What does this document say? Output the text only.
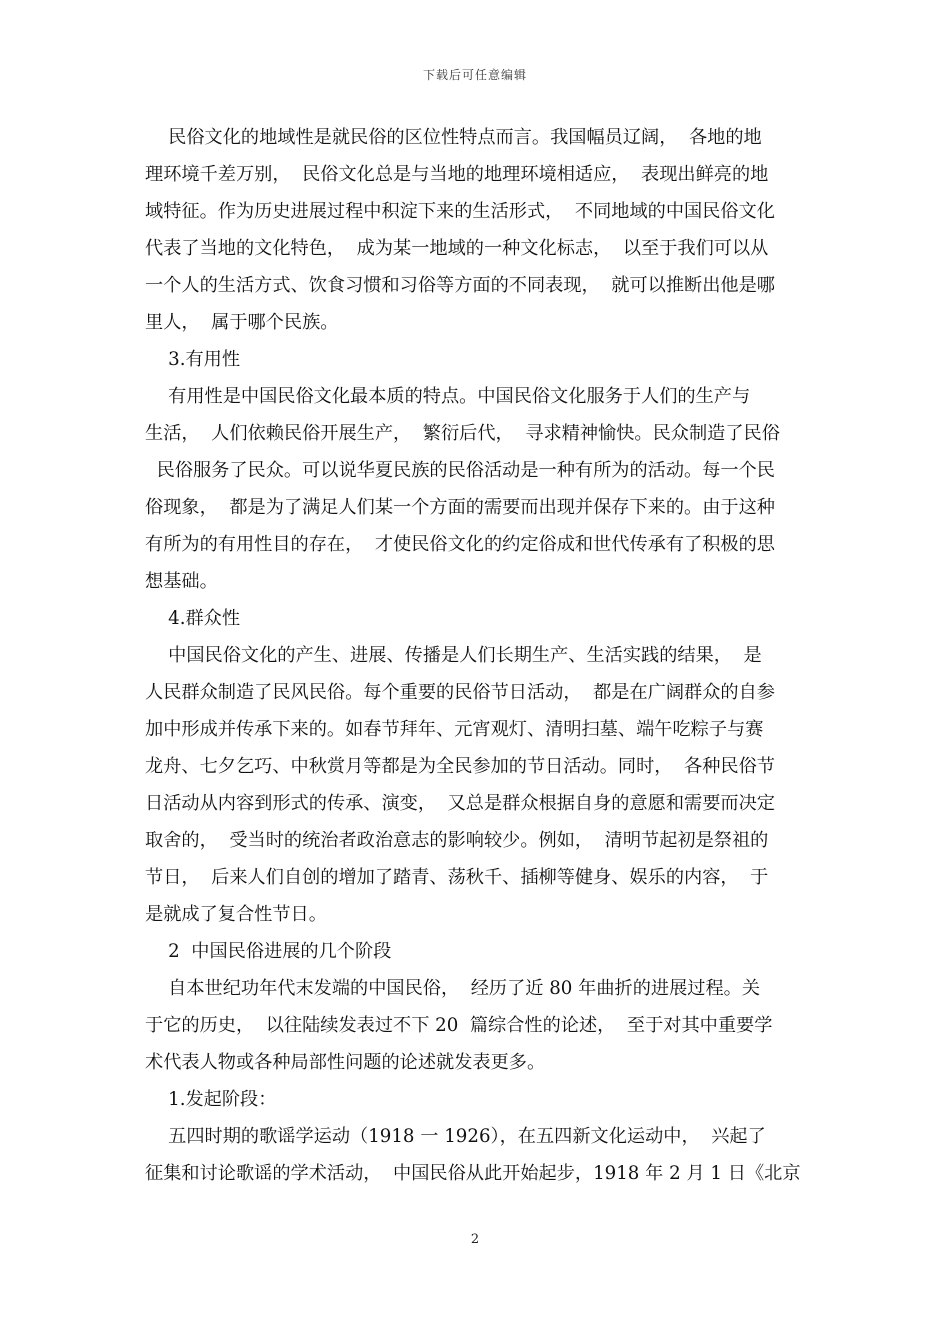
下载后可任意编辑
民俗文化的地域性是就民俗的区位性特点而言。我国幅员辽阔，  各地的地
理环境千差万别，  民俗文化总是与当地的地理环境相适应，  表现出鲜亮的地
域特征。作为历史进展过程中积淀下来的生活形式，  不同地域的中国民俗文化
代表了当地的文化特色，  成为某一地域的一种文化标志，  以至于我们可以从
一个人的生活方式、饮食习惯和习俗等方面的不同表现，  就可以推断出他是哪
里人，  属于哪个民族。
3.有用性
有用性是中国民俗文化最本质的特点。中国民俗文化服务于人们的生产与
生活，  人们依赖民俗开展生产，  繁衍后代，  寻求精神愉快。民众制造了民俗
民俗服务了民众。可以说华夏民族的民俗活动是一种有所为的活动。每一个民
俗现象，  都是为了满足人们某一个方面的需要而出现并保存下来的。由于这种
有所为的有用性目的存在，  才使民俗文化的约定俗成和世代传承有了积极的思
想基础。
4.群众性
中国民俗文化的产生、进展、传播是人们长期生产、生活实践的结果，  是
人民群众制造了民风民俗。每个重要的民俗节日活动，  都是在广阔群众的自参
加中形成并传承下来的。如春节拜年、元宵观灯、清明扫墓、端午吃粽子与赛
龙舟、七夕乞巧、中秋赏月等都是为全民参加的节日活动。同时，  各种民俗节
日活动从内容到形式的传承、演变，  又总是群众根据自身的意愿和需要而决定
取舍的，  受当时的统治者政治意志的影响较少。例如，  清明节起初是祭祖的
节日，  后来人们自创的增加了踏青、荡秋千、插柳等健身、娱乐的内容，  于
是就成了复合性节日。
2  中国民俗进展的几个阶段
自本世纪功年代末发端的中国民俗，  经历了近 80 年曲折的进展过程。关
于它的历史，  以往陆续发表过不下 20  篇综合性的论述，  至于对其中重要学
术代表人物或各种局部性问题的论述就发表更多。
1.发起阶段：
五四时期的歌谣学运动（1918 一 1926），在五四新文化运动中，  兴起了
征集和讨论歌谣的学术活动，  中国民俗从此开始起步，1918 年 2 月 1 日《北京
2
